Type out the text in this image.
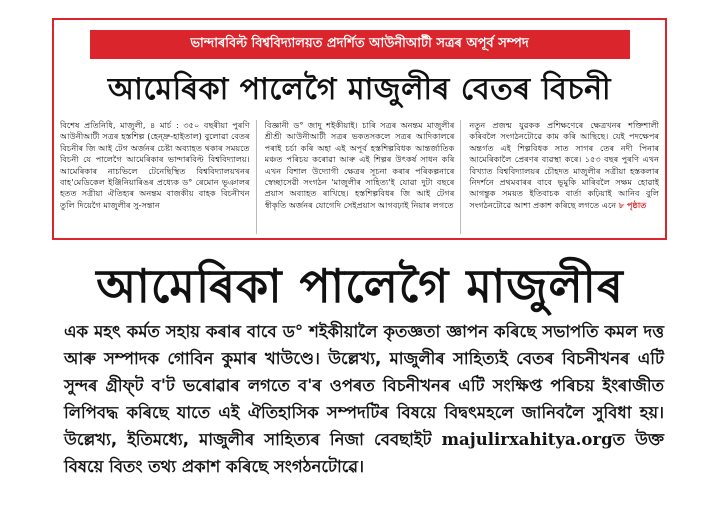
ভান্দাৰবিল্ট বিশ্ববিদ্যালয়ত প্ৰদৰ্শিত আউনীআটী সত্ৰৰ অপূৰ্ব সম্পদ
আমেৰিকা পালেগৈ মাজুলীৰ বেতৰ বিচনী
বিশেষ প্ৰতিনিধি, মাজুলী, ৪ মাৰ্চ : ৩৫০ বছৰীয়া পুৰণি আউনীআটী সত্ৰৰ হস্তশিল্প (হেন্দ্ৰু-হাইতাল) বুলোৱা বেতৰ বিচনীৰ জি আই টেগ অৰ্জনৰ চেষ্টা অব্যাহত থকাৰ সময়তে বিচনী যে পালেগৈ আমেৰিকাৰ ভান্দাৰবিল্ট বিশ্ববিদ্যালয়। আমেৰিকাৰ নাচভিলে টেনেছিস্থিত বিশ্ববিদ্যালয়খনৰ বাহ'মেডিকেল ইঞ্জিনিয়াৰিঙৰ প্ৰধ্যেক ড° ৰেমোন ভূঞালৰ হতত সত্ৰীয়া ঐতিহ্যৰ অনন্তম বাজকীয় বাহক বিচনীখন তুলি দিয়েগৈ মাজুলীৰ সু-সন্তান
বিজ্ঞানী ড° জাদু শইকীয়াই। চাৰি সত্ৰৰ অনন্তম মাজুলীৰ শ্ৰীশ্ৰী আউনীআটী সত্ৰৰ ভকতসকলে সত্ৰৰ আদিকালৰে পৰাই চৰ্চা কৰি অহা এই অপূৰ্ব হস্তশিল্পবিধক আন্তৰ্জাতিক মঞ্চত পৰিচয় কৰোৱা আৰু এই শিল্পৰ উৎকৰ্ষ সাধন কৰি এখন বিশাল উদ্যোগী ক্ষেত্ৰৰ সূচনা কৰাৰ পৰিকল্পনাৰে স্বেচ্ছাসেৱী সংগঠন 'মাজুলীৰ সাহিত্য'ই যোৱা দুটা বছৰে প্ৰয়াস অব্যাহত ৰাখিছে। হস্তশিল্পবিধৰ জি আই টেগৰ স্বীকৃতি অৰ্জনৰ যোগেদি সেইপ্ৰয়াস আগবঢ়াই নিয়াৰ লগতে
নতুন প্ৰজন্ম যুৱকক প্ৰশিক্ষণেৰে ক্ষেত্ৰখনৰ শক্তিশালী কৰিবলৈ সংগঠনটোৱে কাম কৰি আছিছে। যেই পদক্ষেপৰ অন্তৰ্গত এই শিল্পবিধক সাত সাগৰ তেৰ নদী পিনাৰ আমেৰিকালৈ প্ৰেৰণৰ ব্যৱস্থা কৰে। ১৫৩ বছৰ পুৰণি এখন বিখ্যাত বিশ্ববিদ্যালয়ৰ চৌহদত মাজুলীৰ সত্ৰীয়া হস্তকলাৰ নিদৰ্শনে প্ৰথমবাৰৰ বাবে ভূমুকি মাৰিবলৈ সক্ষম হোৱাই আগন্তুক সময়ত ইতিবাচক বাৰ্তা কঢ়িয়াই আনিব বুলি সংগঠনটোৱে আশা প্ৰকাশ কৰিছে লগতে এনে ৮ পৃষ্ঠাত
আমেৰিকা পালেগৈ মাজুলীৰ
এক মহৎ কৰ্মত সহায় কৰাৰ বাবে ড° শইকীয়ালৈ কৃতজ্ঞতা জ্ঞাপন কৰিছে সভাপতি কমল দত্ত আৰু সম্পাদক গোবিন কুমাৰ খাউণ্ডে। উল্লেখ্য, মাজুলীৰ সাহিত্যই বেতৰ বিচনীখনৰ এটি সুন্দৰ গ্ৰীফ্‌ট ব'ট ভৰোৱাৰ লগতে ব'ৰ ওপৰত বিচনীখনৰ এটি সংক্ষিপ্ত পৰিচয় ইংৰাজীত লিপিবদ্ধ কৰিছে যাতে এই ঐতিহাসিক সম্পদটিৰ বিষয়ে বিদ্বৎমহলে জানিবলৈ সুবিধা হয়। উল্লেখ্য, ইতিমধ্যে, মাজুলীৰ সাহিত্যৰ নিজা বেবছাইট majulirxahitya.orgত উক্ত বিষয়ে বিতং তথ্য প্ৰকাশ কৰিছে সংগঠনটোৱে।
